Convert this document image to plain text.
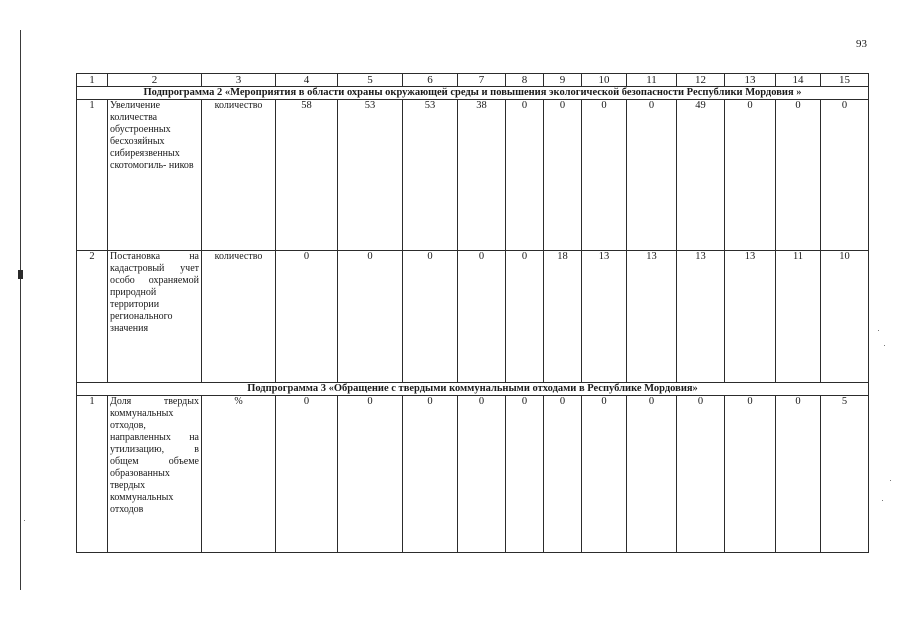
93
1	2	3	4	5	6	7	8	9	10	11	12	13	14	15
Подпрограмма 2 «Мероприятия в области охраны окружающей среды и повышения экологической безопасности Республики Мордовия »														
1	Увеличение количества обустроенных бесхозяйных сибиреязвенных скотомогиль- ников	количество	58	53	53	38	0	0	0	0	49	0	0	0
2	Постановка на кадастровый учет особо охраняемой природной территории регионального значения	количество	0	0	0	0	0	18	13	13	13	13	11	10
Подпрограмма 3 «Обращение с твердыми коммунальными отходами в Республике Мордовия»														
1	Доля твердых коммунальных отходов, направленных на утилизацию, в общем объеме образованных твердых коммунальных отходов	%	0	0	0	0	0	0	0	0	0	0	0	5
